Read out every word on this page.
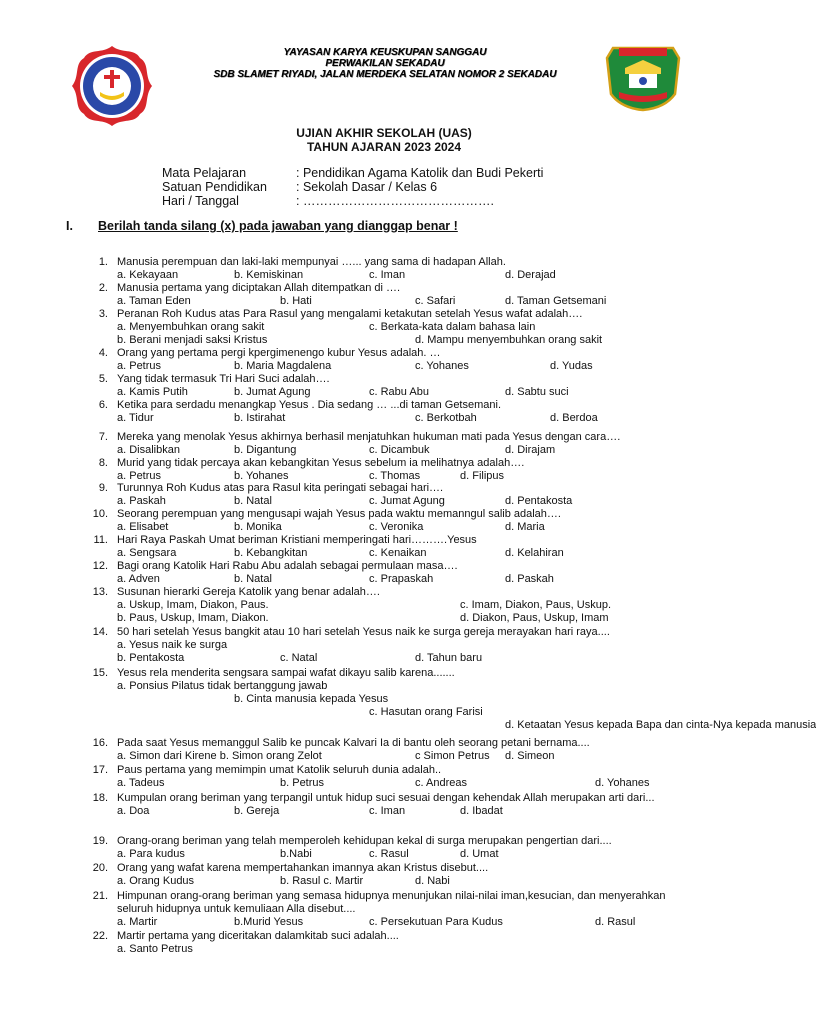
YAYASAN KARYA KEUSKUPAN SANGGAU
PERWAKILAN SEKADAU
SDB SLAMET RIYADI, JALAN MERDEKA SELATAN NOMOR 2 SEKADAU
UJIAN AKHIR SEKOLAH (UAS)
TAHUN AJARAN 2023 2024
Mata Pelajaran	: Pendidikan Agama Katolik dan Budi Pekerti
Satuan Pendidikan : Sekolah Dasar / Kelas 6
Hari / Tanggal	: ……………………………………….
I. Berilah tanda silang (x) pada jawaban yang dianggap benar !
1. Manusia perempuan dan laki-laki mempunyai …... yang sama di hadapan Allah.
a. Kekayaan	b. Kemiskinan	c. Iman	d. Derajad
2. Manusia pertama yang diciptakan Allah ditempatkan di ….
a. Taman Eden	b. Hati	c. Safari	d. Taman Getsemani
3. Peranan Roh Kudus atas Para Rasul yang mengalami ketakutan setelah Yesus wafat adalah….
a. Menyembuhkan orang sakit	c. Berkata-kata dalam bahasa lain
b. Berani menjadi saksi Kristus	d. Mampu menyembuhkan orang sakit
4. Orang yang pertama pergi kpergimenengo kubur Yesus adalah. …
a. Petrus	b. Maria Magdalena	c. Yohanes	d. Yudas
5. Yang tidak termasuk Tri Hari Suci adalah….
a. Kamis Putih	b. Jumat Agung	c. Rabu Abu	d. Sabtu suci
6. Ketika para serdadu menangkap Yesus . Dia sedang … ...di taman Getsemani.
a. Tidur	b. Istirahat	c. Berkotbah	d. Berdoa
7. Mereka yang menolak Yesus akhirnya berhasil menjatuhkan hukuman mati pada Yesus dengan cara….
a. Disalibkan	b. Digantung	c. Dicambuk	d. Dirajam
8. Murid yang tidak percaya akan kebangkitan Yesus sebelum ia melihatnya adalah….
a. Petrus	b. Yohanes	c. Thomas	d. Filipus
9. Turunnya Roh Kudus atas para Rasul kita peringati sebagai hari….
a. Paskah	b. Natal	c. Jumat Agung	d. Pentakosta
10. Seorang perempuan yang mengusapi wajah Yesus pada waktu memanngul salib adalah….
a. Elisabet	b. Monika	c. Veronika	d. Maria
11. Hari Raya Paskah Umat beriman Kristiani memperingati hari……….Yesus
a. Sengsara	b. Kebangkitan	c. Kenaikan	d. Kelahiran
12. Bagi orang Katolik Hari Rabu Abu adalah sebagai permulaan masa….
a. Adven	b. Natal	c. Prapaskah	d. Paskah
13. Susunan hierarki Gereja Katolik yang benar adalah….
a. Uskup, Imam, Diakon, Paus.	c. Imam, Diakon, Paus, Uskup.
b. Paus, Uskup, Imam, Diakon.	d. Diakon, Paus, Uskup, Imam
14. 50 hari setelah Yesus bangkit atau 10 hari setelah Yesus naik ke surga gereja merayakan hari raya....
a. Yesus naik ke surga
b. Pentakosta	c. Natal	d. Tahun baru
15. Yesus rela menderita sengsara sampai wafat dikayu salib karena.......
a. Ponsius Pilatus tidak bertanggung jawab
b. Cinta manusia kepada Yesus
c. Hasutan orang Farisi
d. Ketaatan Yesus kepada Bapa dan cinta-Nya kepada manusia
16. Pada saat Yesus memanggul Salib ke puncak Kalvari Ia di bantu oleh seorang petani bernama....
a. Simon dari Kirene b. Simon orang Zelot	c Simon Petrus d. Simeon
17. Paus pertama yang memimpin umat Katolik seluruh dunia adalah..
a. Tadeus	b. Petrus	c. Andreas	d. Yohanes
18. Kumpulan orang beriman yang terpangil untuk hidup suci sesuai dengan kehendak Allah merupakan arti dari...
a. Doa	b. Gereja	c. Iman	d. Ibadat
19. Orang-orang beriman yang telah memperoleh kehidupan kekal di surga merupakan pengertian dari....
a. Para kudus	b.Nabi	c. Rasul	d. Umat
20. Orang yang wafat karena mempertahankan imannya akan Kristus disebut....
a. Orang Kudus	b. Rasul c. Martir	d. Nabi
21. Himpunan orang-orang beriman yang semasa hidupnya menunjukan nilai-nilai iman,kesucian, dan menyerahkan
seluruh hidupnya untuk kemuliaan Alla disebut....
a. Martir	b.Murid Yesus	c. Persekutuan Para Kudus	d. Rasul
22. Martir pertama yang diceritakan dalamkitab suci adalah....
a. Santo Petrus
